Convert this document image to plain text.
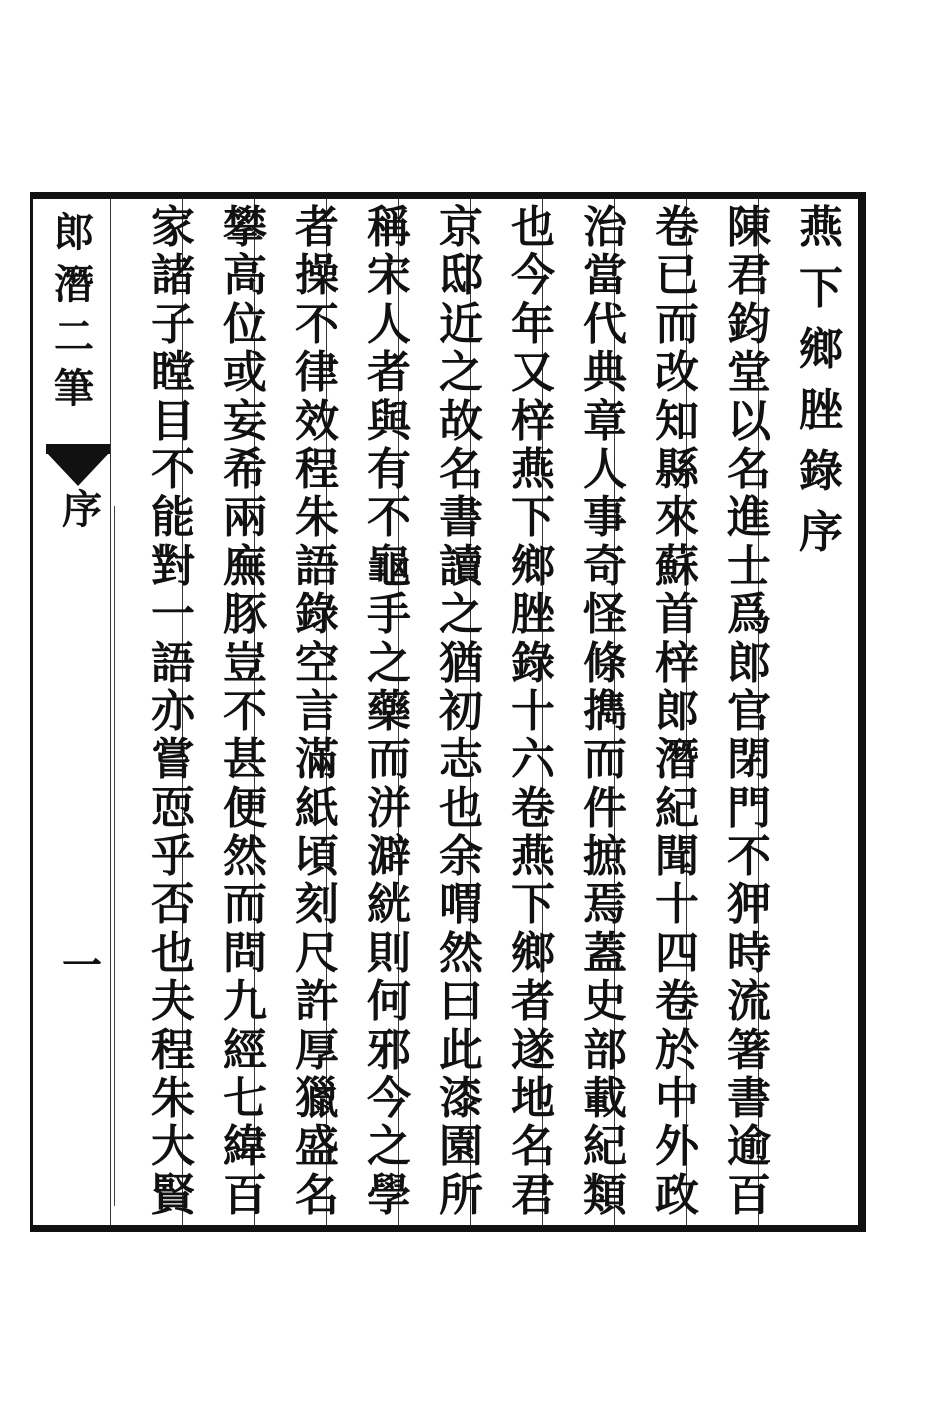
燕
下
鄉
脞
錄
序
陳
君
鈞
堂
以
名
進
士
爲
郎
官
閉
門
不
狎
時
流
箸
書
逾
百
卷
已
而
改
知
縣
來
蘇
首
梓
郎
潛
紀
聞
十
四
卷
於
中
外
政
治
當
代
典
章
人
事
奇
怪
條
擕
而
件
摭
焉
蓋
史
部
載
紀
類
也
今
年
又
梓
燕
下
鄉
脞
錄
十
六
卷
燕
下
鄉
者
遂
地
名
君
京
邸
近
之
故
名
書
讀
之
猶
初
志
也
余
喟
然
曰
此
漆
園
所
稱
宋
人
者
與
有
不
龜
手
之
藥
而
洴
澼
絖
則
何
邪
今
之
學
者
操
不
律
效
程
朱
語
錄
空
言
滿
紙
頃
刻
尺
許
厚
獵
盛
名
攀
高
位
或
妄
希
兩
廡
豚
豈
不
甚
便
然
而
問
九
經
七
緯
百
家
諸
子
瞠
目
不
能
對
一
語
亦
嘗
恧
乎
否
也
夫
程
朱
大
賢
郎
潛
二
筆
序
一
